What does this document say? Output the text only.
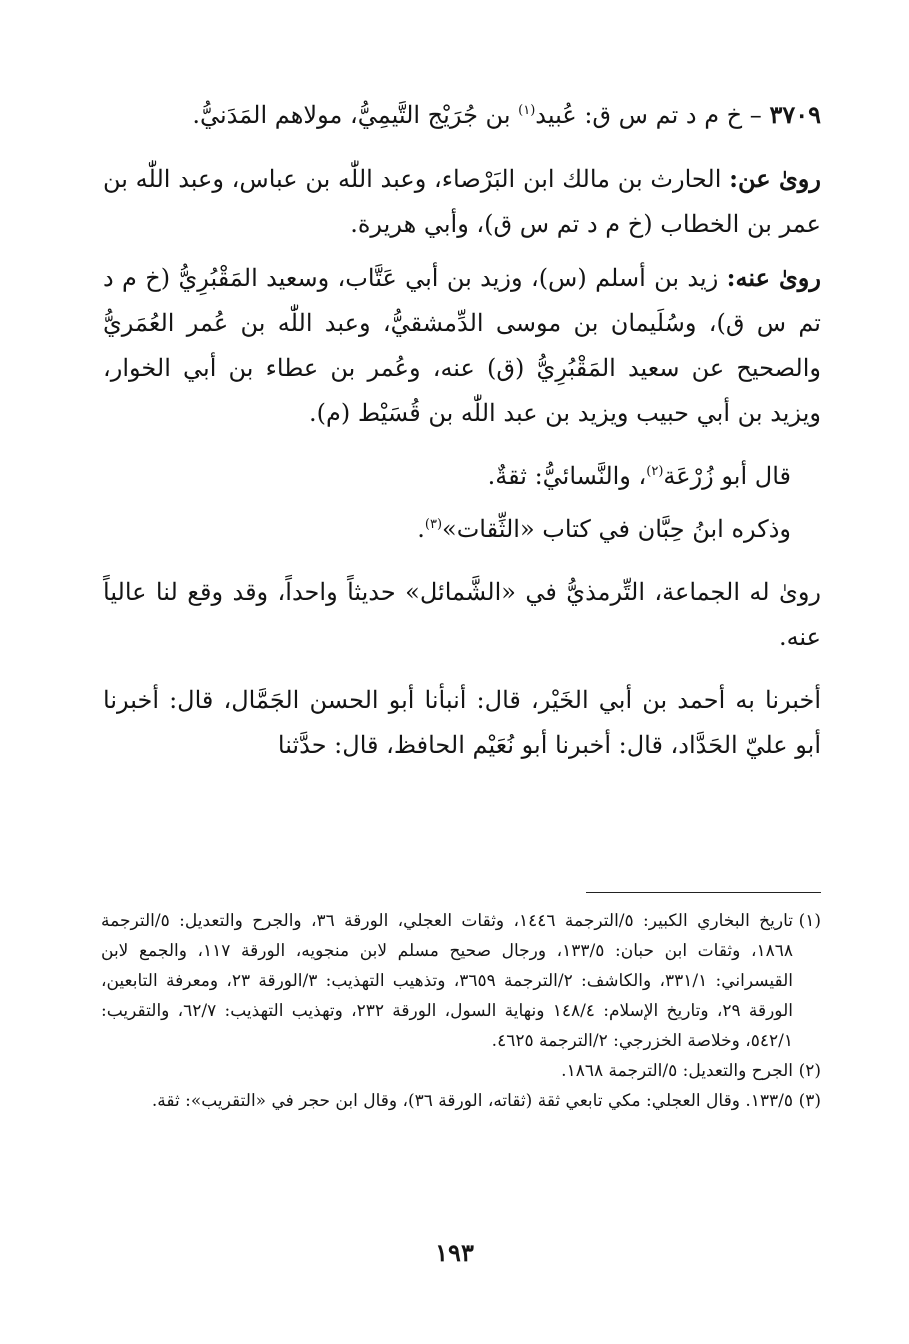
٣٧٠٩ – خ م د تم س ق: عُبيد$^{(١)}$ بن جُرَيْج التَّيمِيُّ، مولاهم المَدَنيُّ.

روىٰ عن: الحارث بن مالك ابن البَرْصاء، وعبد اللّٰه بن عباس، وعبد اللّٰه بن عمر بن الخطاب (خ م د تم س ق)، وأبي هريرة.

روىٰ عنه: زيد بن أسلم (س)، وزيد بن أبي عَتَّاب، وسعيد المَقْبُرِيُّ (خ م د تم س ق)، وسُلَيمان بن موسى الدِّمشقيُّ، وعبد اللّٰه بن عُمر العُمَريُّ والصحيح عن سعيد المَقْبُرِيُّ (ق) عنه، وعُمر بن عطاء بن أبي الخوار، ويزيد بن أبي حبيب ويزيد بن عبد اللّٰه بن قُسَيْط (م).

قال أبو زُرْعَة$^{(٢)}$، والنَّسائيُّ: ثقةٌ.

وذكره ابنُ حِبَّان في كتاب «الثِّقات»$^{(٣)}$.

روىٰ له الجماعة، التِّرمذيُّ في «الشَّمائل» حديثاً واحداً، وقد وقع لنا عالياً عنه.

أخبرنا به أحمد بن أبي الخَيْر، قال: أنبأنا أبو الحسن الجَمَّال، قال: أخبرنا أبو عليّ الحَدَّاد، قال: أخبرنا أبو نُعَيْم الحافظ، قال: حدَّثنا

(١)
تاريخ البخاري الكبير: ٥/الترجمة ١٤٤٦، وثقات العجلي، الورقة ٣٦، والجرح والتعديل: ٥/الترجمة ١٨٦٨، وثقات ابن حبان: ١٣٣/٥، ورجال صحيح مسلم لابن منجويه، الورقة ١١٧، والجمع لابن القيسراني: ٣٣١/١، والكاشف: ٢/الترجمة ٣٦٥٩، وتذهيب التهذيب: ٣/الورقة ٢٣، ومعرفة التابعين، الورقة ٢٩، وتاريخ الإسلام: ١٤٨/٤ ونهاية السول، الورقة ٢٣٢، وتهذيب التهذيب: ٦٢/٧، والتقريب: ٥٤٢/١، وخلاصة الخزرجي: ٢/الترجمة ٤٦٢٥.

(٢)
الجرح والتعديل: ٥/الترجمة ١٨٦٨.

(٣)
١٣٣/٥. وقال العجلي: مكي تابعي ثقة (ثقاته، الورقة ٣٦)، وقال ابن حجر في «التقريب»: ثقة.

١٩٣
